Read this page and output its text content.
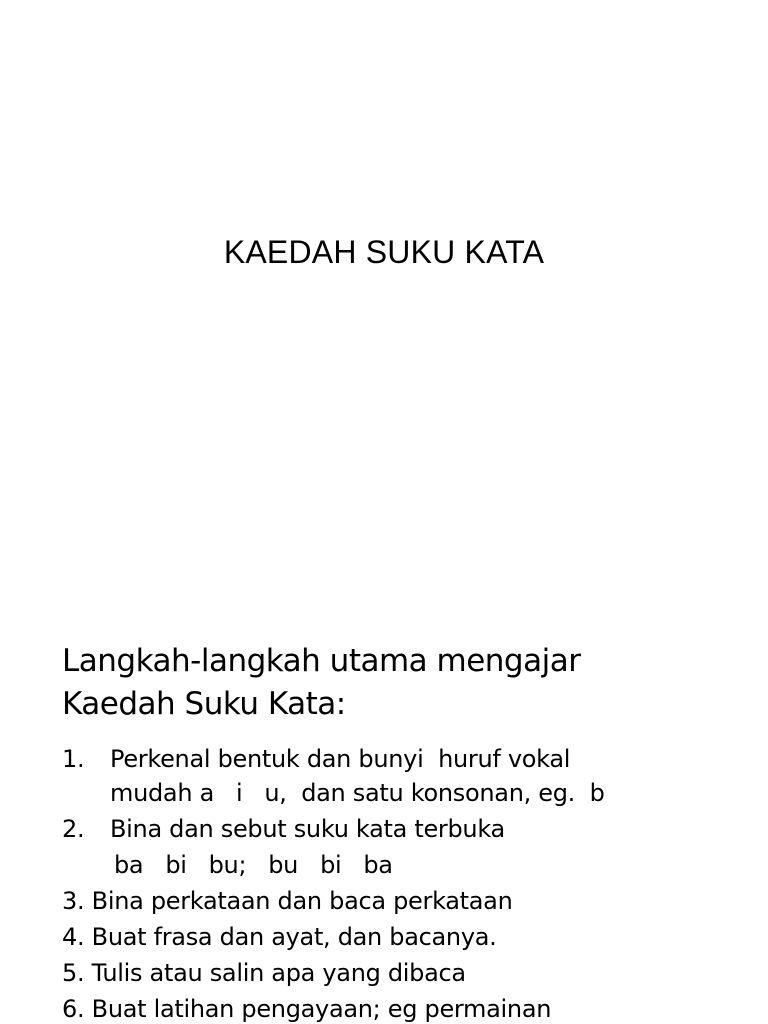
KAEDAH SUKU KATA
Langkah-langkah utama mengajar
Kaedah Suku Kata:
1. Perkenal bentuk dan bunyi  huruf vokal
mudah a   i   u,  dan satu konsonan, eg.  b
2. Bina dan sebut suku kata terbuka
ba   bi   bu;   bu   bi   ba
3. Bina perkataan dan baca perkataan
4. Buat frasa dan ayat, dan bacanya.
5. Tulis atau salin apa yang dibaca
6. Buat latihan pengayaan; eg permainan
